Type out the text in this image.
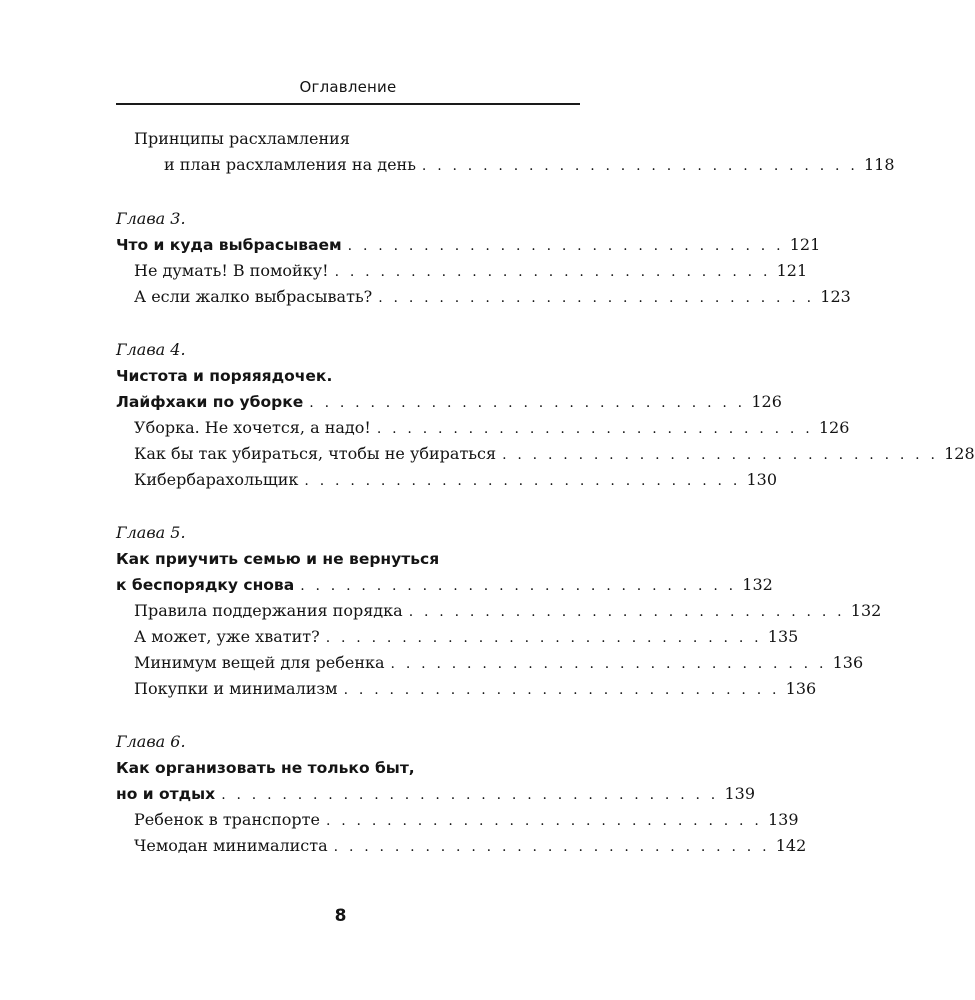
Оглавление
Принципы расхламления
и план расхламления на день . . . . . . . . . . . . . . . . . . . . . . . . . . . . . 118
Глава 3.
Что и куда выбрасываем . . . . . . . . . . . . . . . . . . . . . . . . . . . . . 121
Не думать! В помойку! . . . . . . . . . . . . . . . . . . . . . . . . . . . . . 121
А если жалко выбрасывать? . . . . . . . . . . . . . . . . . . . . . . . . . . . . . 123
Глава 4.
Чистота и поряяядочек.
Лайфхаки по уборке . . . . . . . . . . . . . . . . . . . . . . . . . . . . . 126
Уборка. Не хочется, а надо! . . . . . . . . . . . . . . . . . . . . . . . . . . . . . 126
Как бы так убираться, чтобы не убираться . . . . . . . . . . . . . . . . . . . . . . . . . . . . . 128
Кибербарахольщик . . . . . . . . . . . . . . . . . . . . . . . . . . . . . 130
Глава 5.
Как приучить семью и не вернуться
к беспорядку снова . . . . . . . . . . . . . . . . . . . . . . . . . . . . . 132
Правила поддержания порядка . . . . . . . . . . . . . . . . . . . . . . . . . . . . . 132
А может, уже хватит? . . . . . . . . . . . . . . . . . . . . . . . . . . . . . 135
Минимум вещей для ребенка . . . . . . . . . . . . . . . . . . . . . . . . . . . . . 136
Покупки и минимализм . . . . . . . . . . . . . . . . . . . . . . . . . . . . . 136
Глава 6.
Как организовать не только быт,
но и отдых . . . . . . . . . . . . . . . . . . . . . . . . . . . . . . . . . 139
Ребенок в транспорте . . . . . . . . . . . . . . . . . . . . . . . . . . . . . 139
Чемодан минималиста . . . . . . . . . . . . . . . . . . . . . . . . . . . . . 142
8
